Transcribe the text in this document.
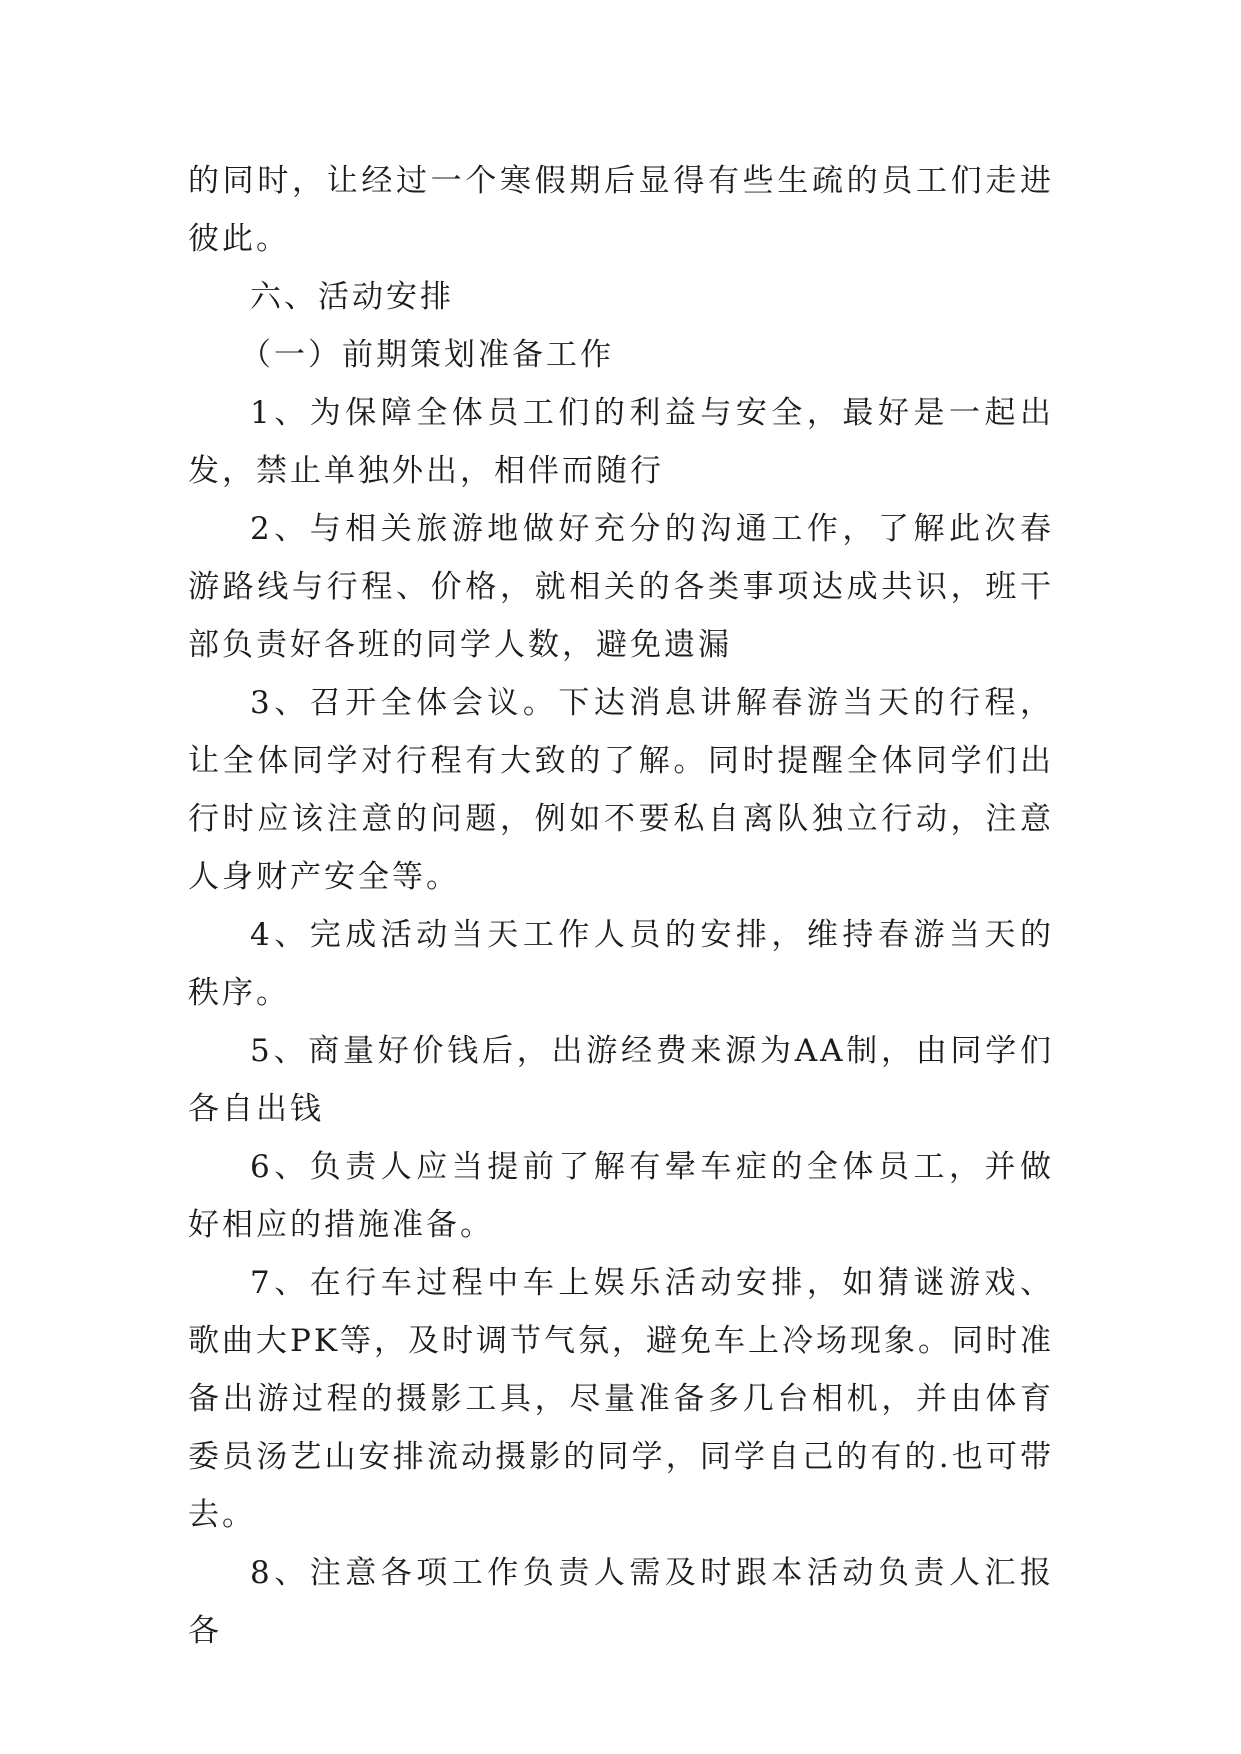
的同时，让经过一个寒假期后显得有些生疏的员工们走进彼此。

六、活动安排

（一）前期策划准备工作

1、为保障全体员工们的利益与安全，最好是一起出发，禁止单独外出，相伴而随行

2、与相关旅游地做好充分的沟通工作，了解此次春游路线与行程、价格，就相关的各类事项达成共识，班干部负责好各班的同学人数，避免遗漏

3、召开全体会议。下达消息讲解春游当天的行程，让全体同学对行程有大致的了解。同时提醒全体同学们出行时应该注意的问题，例如不要私自离队独立行动，注意人身财产安全等。

4、完成活动当天工作人员的安排，维持春游当天的秩序。

5、商量好价钱后，出游经费来源为AA制，由同学们各自出钱

6、负责人应当提前了解有晕车症的全体员工，并做好相应的措施准备。

7、在行车过程中车上娱乐活动安排，如猜谜游戏、歌曲大PK等，及时调节气氛，避免车上冷场现象。同时准备出游过程的摄影工具，尽量准备多几台相机，并由体育委员汤艺山安排流动摄影的同学，同学自己的有的.也可带去。

8、注意各项工作负责人需及时跟本活动负责人汇报各
